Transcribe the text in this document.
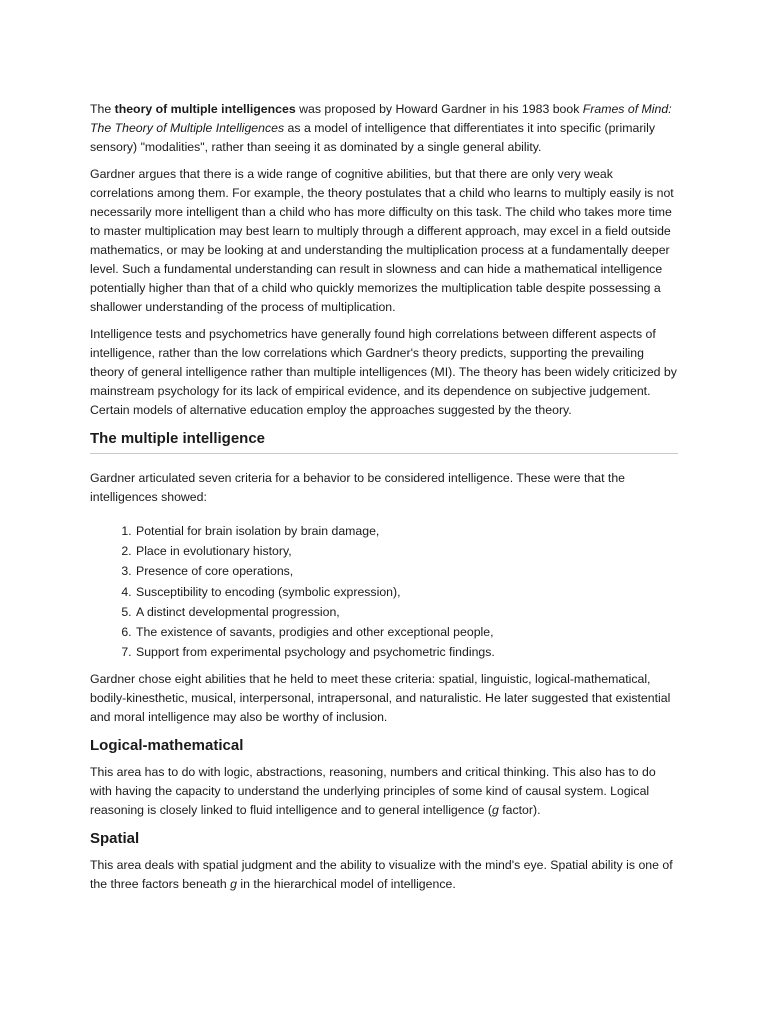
The theory of multiple intelligences was proposed by Howard Gardner in his 1983 book Frames of Mind: The Theory of Multiple Intelligences as a model of intelligence that differentiates it into specific (primarily sensory) "modalities", rather than seeing it as dominated by a single general ability.

Gardner argues that there is a wide range of cognitive abilities, but that there are only very weak correlations among them. For example, the theory postulates that a child who learns to multiply easily is not necessarily more intelligent than a child who has more difficulty on this task. The child who takes more time to master multiplication may best learn to multiply through a different approach, may excel in a field outside mathematics, or may be looking at and understanding the multiplication process at a fundamentally deeper level. Such a fundamental understanding can result in slowness and can hide a mathematical intelligence potentially higher than that of a child who quickly memorizes the multiplication table despite possessing a shallower understanding of the process of multiplication.

Intelligence tests and psychometrics have generally found high correlations between different aspects of intelligence, rather than the low correlations which Gardner's theory predicts, supporting the prevailing theory of general intelligence rather than multiple intelligences (MI). The theory has been widely criticized by mainstream psychology for its lack of empirical evidence, and its dependence on subjective judgement. Certain models of alternative education employ the approaches suggested by the theory.

The multiple intelligence

Gardner articulated seven criteria for a behavior to be considered intelligence. These were that the intelligences showed:

1. Potential for brain isolation by brain damage,
2. Place in evolutionary history,
3. Presence of core operations,
4. Susceptibility to encoding (symbolic expression),
5. A distinct developmental progression,
6. The existence of savants, prodigies and other exceptional people,
7. Support from experimental psychology and psychometric findings.

Gardner chose eight abilities that he held to meet these criteria: spatial, linguistic, logical-mathematical, bodily-kinesthetic, musical, interpersonal, intrapersonal, and naturalistic. He later suggested that existential and moral intelligence may also be worthy of inclusion.

Logical-mathematical

This area has to do with logic, abstractions, reasoning, numbers and critical thinking. This also has to do with having the capacity to understand the underlying principles of some kind of causal system. Logical reasoning is closely linked to fluid intelligence and to general intelligence (g factor).

Spatial

This area deals with spatial judgment and the ability to visualize with the mind's eye. Spatial ability is one of the three factors beneath g in the hierarchical model of intelligence.
